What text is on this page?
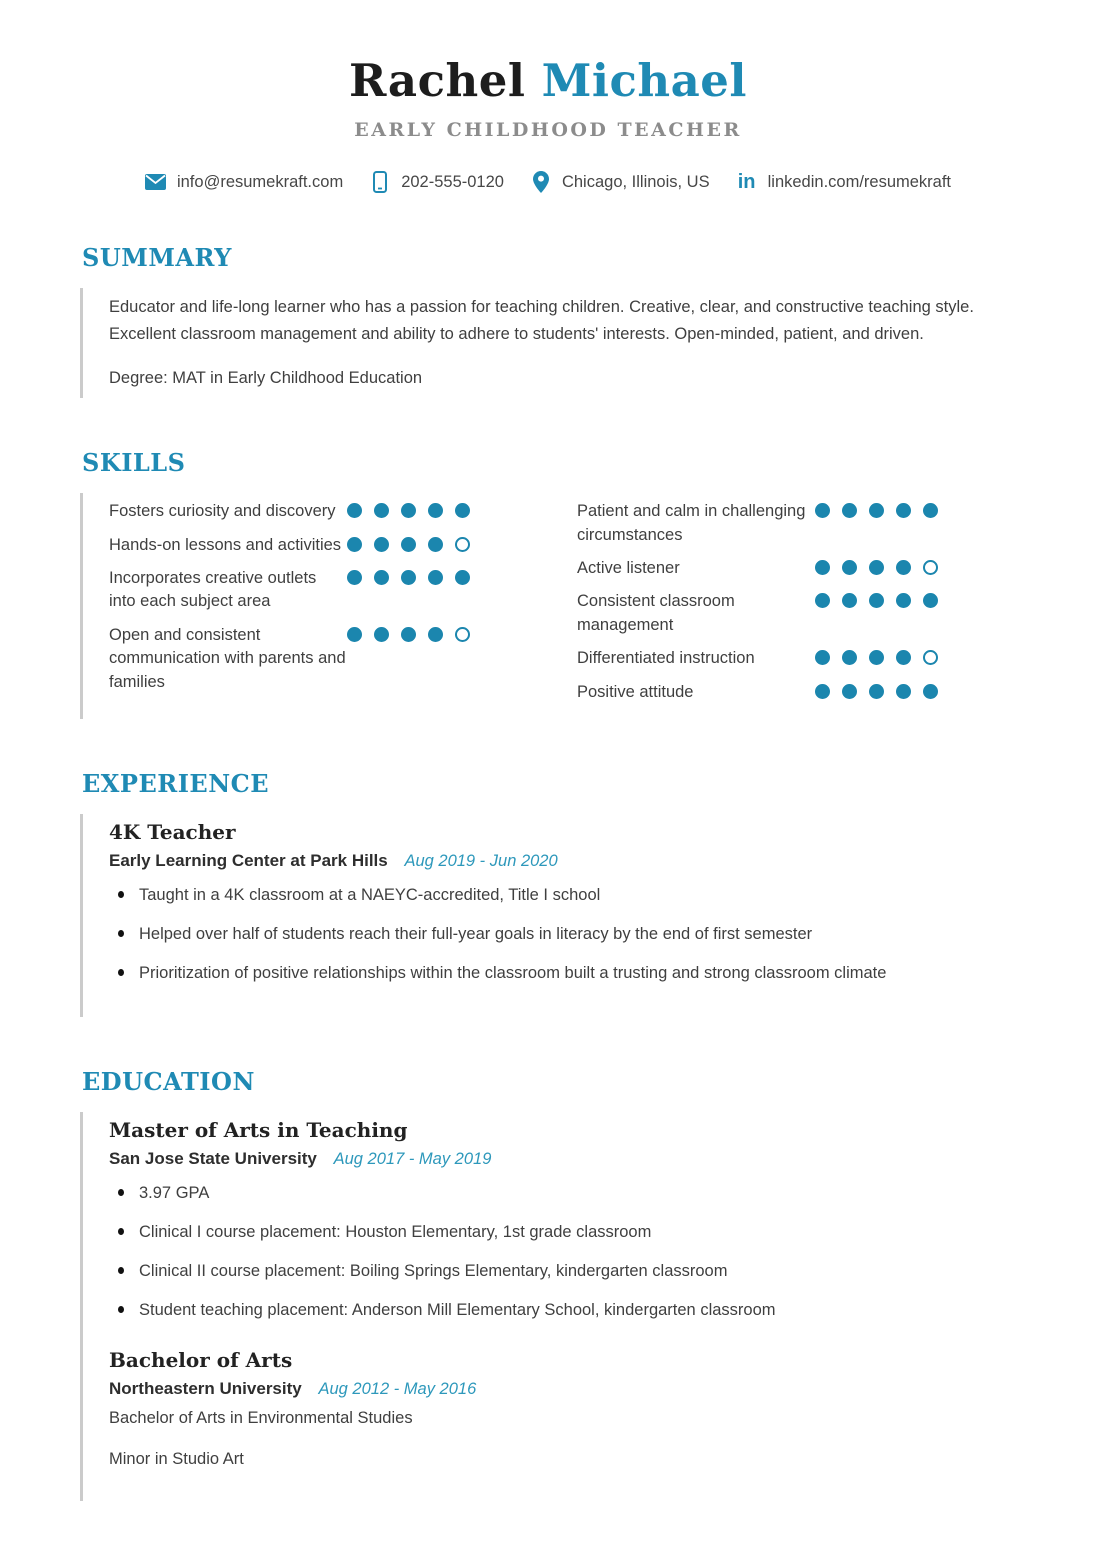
Rachel Michael
EARLY CHILDHOOD TEACHER
info@resumekraft.com	202-555-0120	Chicago, Illinois, US in linkedin.com/resumekraft
SUMMARY

Educator and life-long learner who has a passion for teaching children. Creative, clear, and constructive teaching style. Excellent classroom management and ability to adhere to students' interests. Open-minded, patient, and driven.

Degree: MAT in Early Childhood Education

SKILLS
Fosters curiosity and discovery
Hands-on lessons and activities
Incorporates creative outlets into each subject area
Open and consistent communication with parents and families
Patient and calm in challenging circumstances
Active listener
Consistent classroom management
Differentiated instruction
Positive attitude
EXPERIENCE
4K Teacher
Early Learning Center at Park Hills Aug 2019 - Jun 2020
Taught in a 4K classroom at a NAEYC-accredited, Title I school
Helped over half of students reach their full-year goals in literacy by the end of first semester
Prioritization of positive relationships within the classroom built a trusting and strong classroom climate
EDUCATION
Master of Arts in Teaching
San Jose State University Aug 2017 - May 2019
3.97 GPA
Clinical I course placement: Houston Elementary, 1st grade classroom
Clinical II course placement: Boiling Springs Elementary, kindergarten classroom
Student teaching placement: Anderson Mill Elementary School, kindergarten classroom
Bachelor of Arts
Northeastern University Aug 2012 - May 2016
Bachelor of Arts in Environmental Studies
Minor in Studio Art
